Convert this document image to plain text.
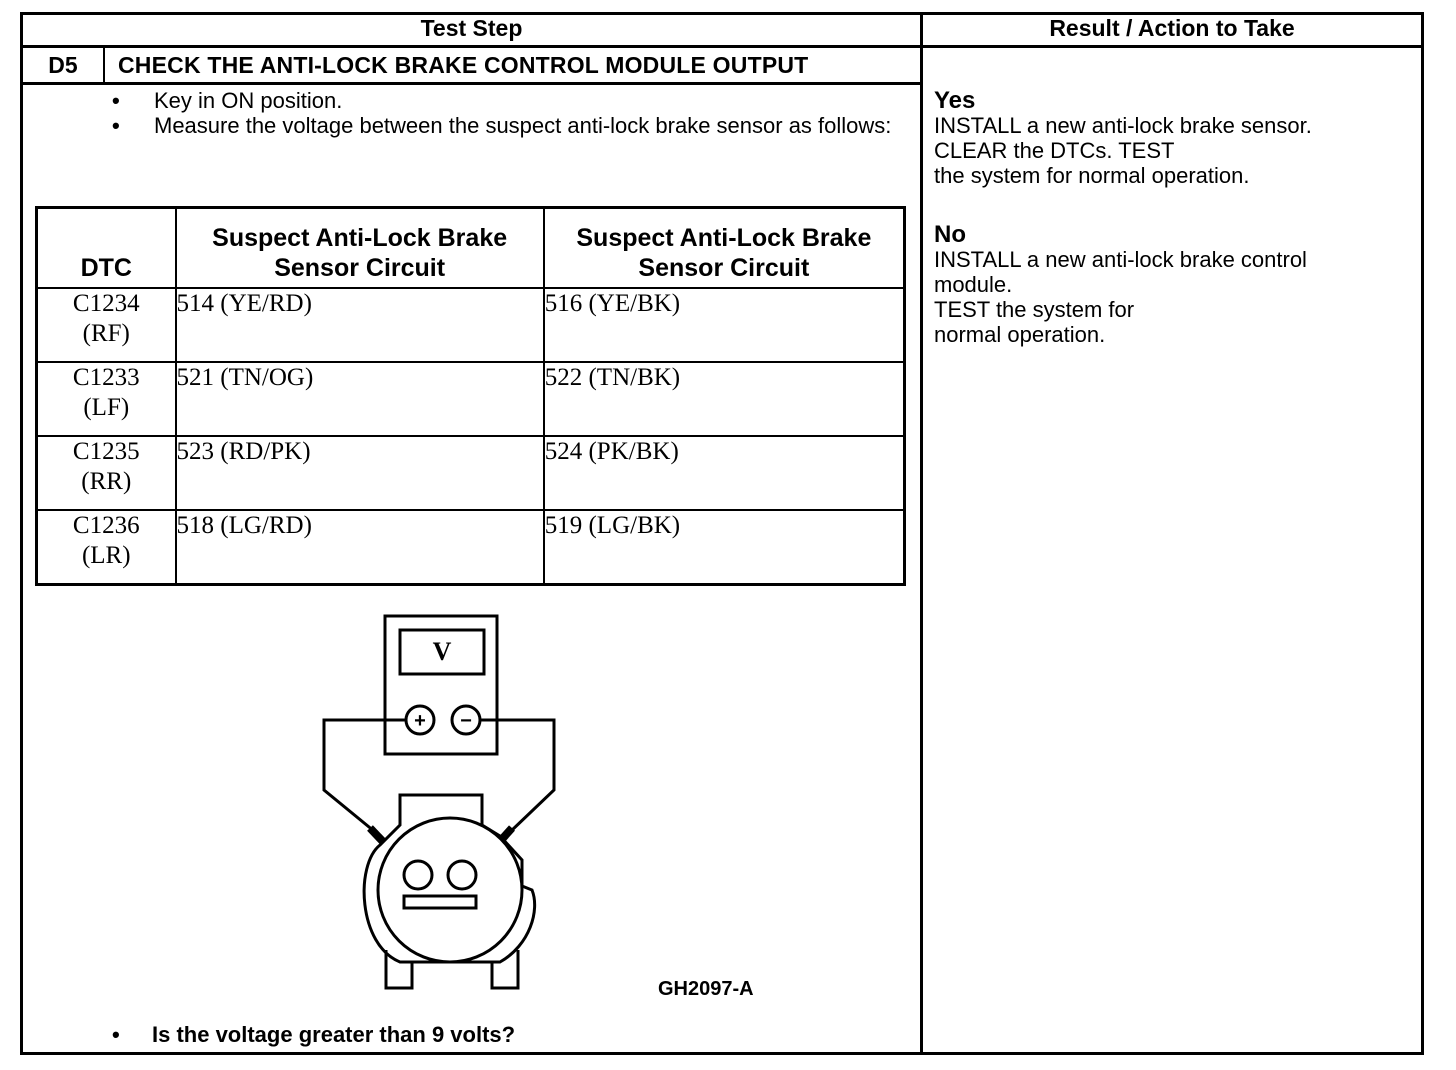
Test Step	Result / Action to Take
D5	CHECK THE ANTI-LOCK BRAKE CONTROL MODULE OUTPUT
• Key in ON position.
• Measure the voltage between the suspect anti-lock brake sensor as follows:
DTC	Suspect Anti-Lock Brake Sensor Circuit	Suspect Anti-Lock Brake Sensor Circuit

C1234
(RF)	514 (YE/RD)	516 (YE/BK)

C1233
(LF)	521 (TN/OG)	522 (TN/BK)

C1235
(RR)	523 (RD/PK)	524 (PK/BK)

C1236
(LR)	518 (LG/RD)	519 (LG/BK)
V
+ −
GH2097-A
• Is the voltage greater than 9 volts?
Yes
INSTALL a new anti-lock brake sensor.
CLEAR the DTCs. TEST
the system for normal operation.
No
INSTALL a new anti-lock brake control
module.
TEST the system for
normal operation.
